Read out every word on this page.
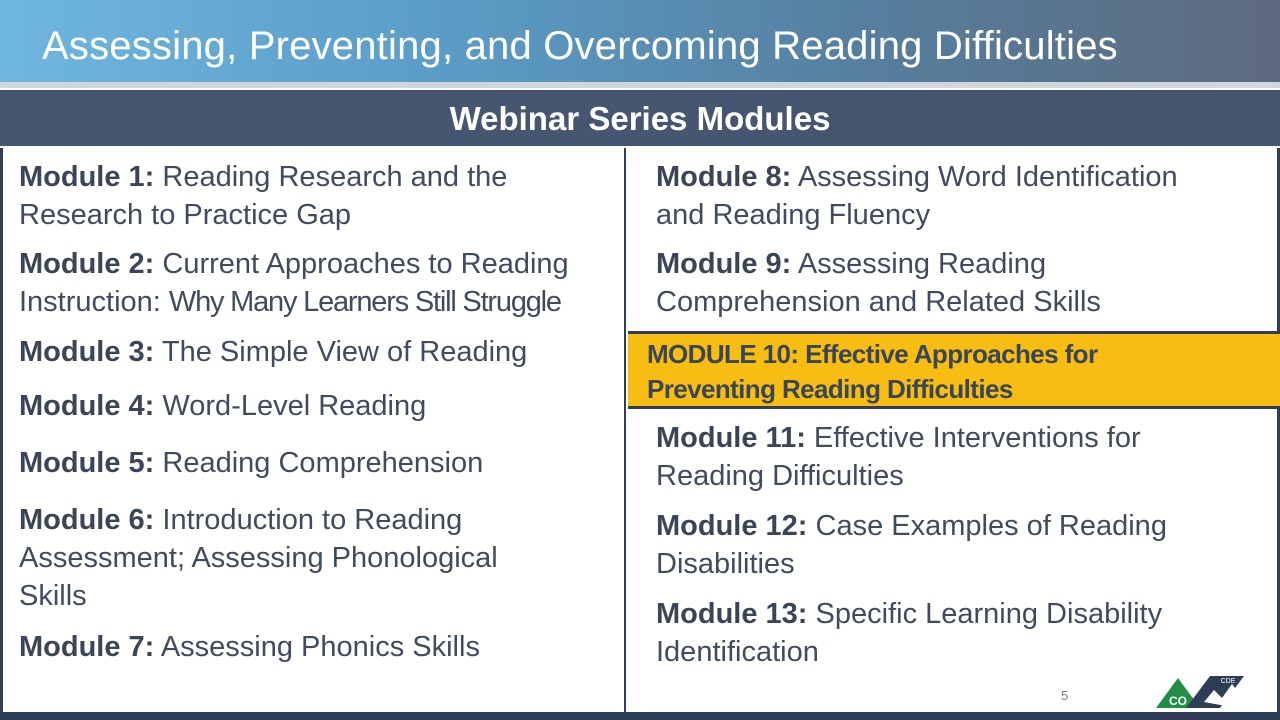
Assessing, Preventing, and Overcoming Reading Difficulties
Webinar Series Modules
Module 1: Reading Research and the Research to Practice Gap
Module 2: Current Approaches to Reading
Instruction: Why Many Learners Still Struggle
Module 3: The Simple View of Reading
Module 4: Word-Level Reading
Module 5: Reading Comprehension
Module 6: Introduction to Reading
Assessment; Assessing Phonological
Skills
Module 7: Assessing Phonics Skills
Module 8: Assessing Word Identification
and Reading Fluency
Module 9: Assessing Reading
Comprehension and Related Skills
MODULE 10: Effective Approaches for
Preventing Reading Difficulties
Module 11: Effective Interventions for
Reading Difficulties
Module 12: Case Examples of Reading
Disabilities
Module 13: Specific Learning Disability
Identification
5	CO
CDE
